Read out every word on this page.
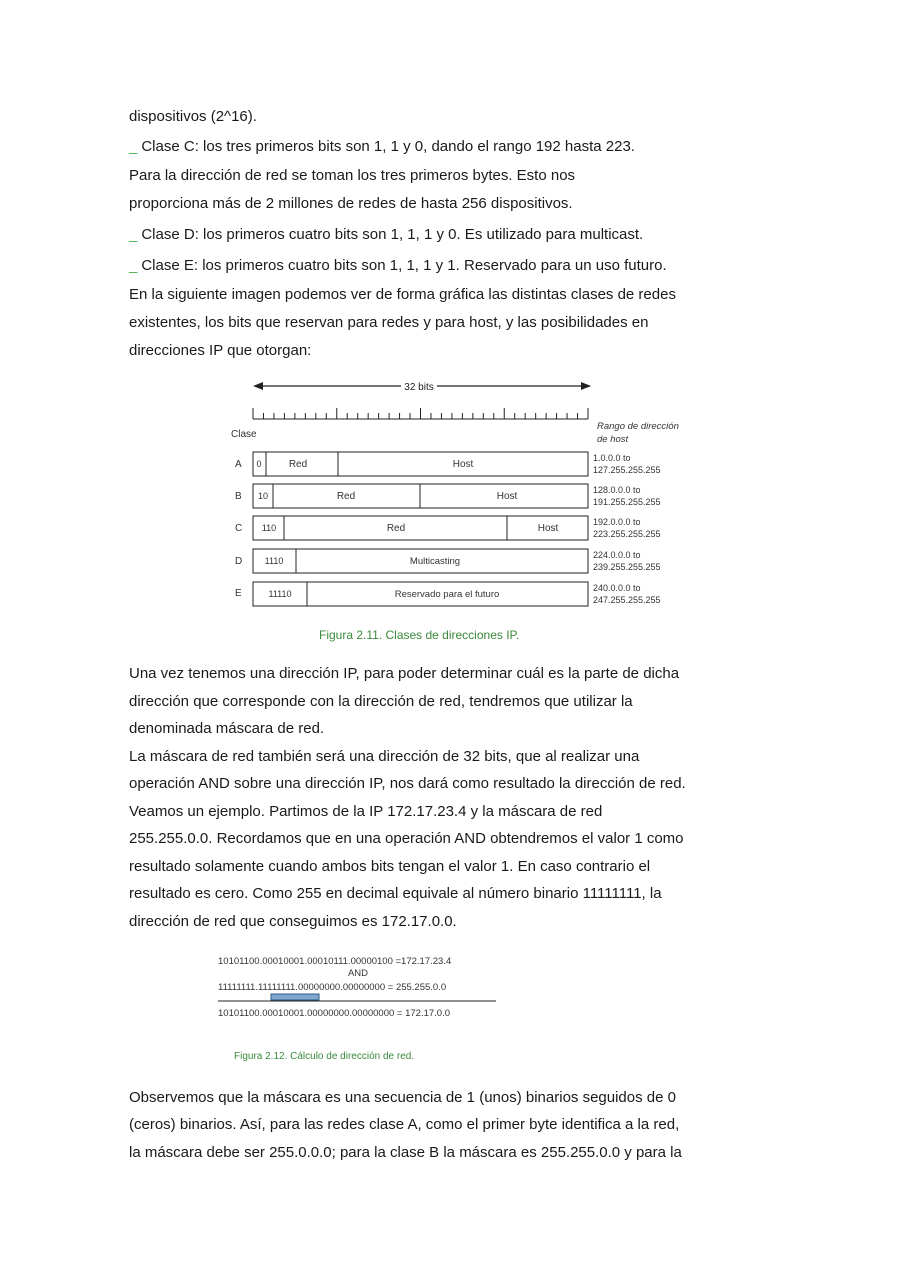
dispositivos (2^16).
_ Clase C: los tres primeros bits son 1, 1 y 0, dando el rango 192 hasta 223.
Para la dirección de red se toman los tres primeros bytes. Esto nos
proporciona más de 2 millones de redes de hasta 256 dispositivos.
_ Clase D: los primeros cuatro bits son 1, 1, 1 y 0. Es utilizado para multicast.
_ Clase E: los primeros cuatro bits son 1, 1, 1 y 1. Reservado para un uso futuro.
En la siguiente imagen podemos ver de forma gráfica las distintas clases de redes
existentes, los bits que reservan para redes y para host, y las posibilidades en
direcciones IP que otorgan:
32 bits
Clase
Rango de dirección
de host
A 0	Red	Host
1.0.0.0 to
127.255.255.255
B 10	Red	Host
128.0.0.0 to
191.255.255.255
C 110	Red	Host
192.0.0.0 to
223.255.255.255
D 1110	Multicasting
224.0.0.0 to
239.255.255.255
E	11110	Reservado para el futuro
240.0.0.0 to
247.255.255.255
Figura 2.11. Clases de direcciones IP.
Una vez tenemos una dirección IP, para poder determinar cuál es la parte de dicha
dirección que corresponde con la dirección de red, tendremos que utilizar la
denominada máscara de red.
La máscara de red también será una dirección de 32 bits, que al realizar una
operación AND sobre una dirección IP, nos dará como resultado la dirección de red.
Veamos un ejemplo. Partimos de la IP 172.17.23.4 y la máscara de red
255.255.0.0. Recordamos que en una operación AND obtendremos el valor 1 como
resultado solamente cuando ambos bits tengan el valor 1. En caso contrario el
resultado es cero. Como 255 en decimal equivale al número binario 11111111, la
dirección de red que conseguimos es 172.17.0.0.
10101100.00010001.00010111.00000100 =172.17.23.4
AND
11111111.11111111.00000000.00000000 = 255.255.0.0
10101100.00010001.00000000.00000000 = 172.17.0.0
Figura 2.12. Cálculo de dirección de red.
Observemos que la máscara es una secuencia de 1 (unos) binarios seguidos de 0
(ceros) binarios. Así, para las redes clase A, como el primer byte identifica a la red,
la máscara debe ser 255.0.0.0; para la clase B la máscara es 255.255.0.0 y para la
